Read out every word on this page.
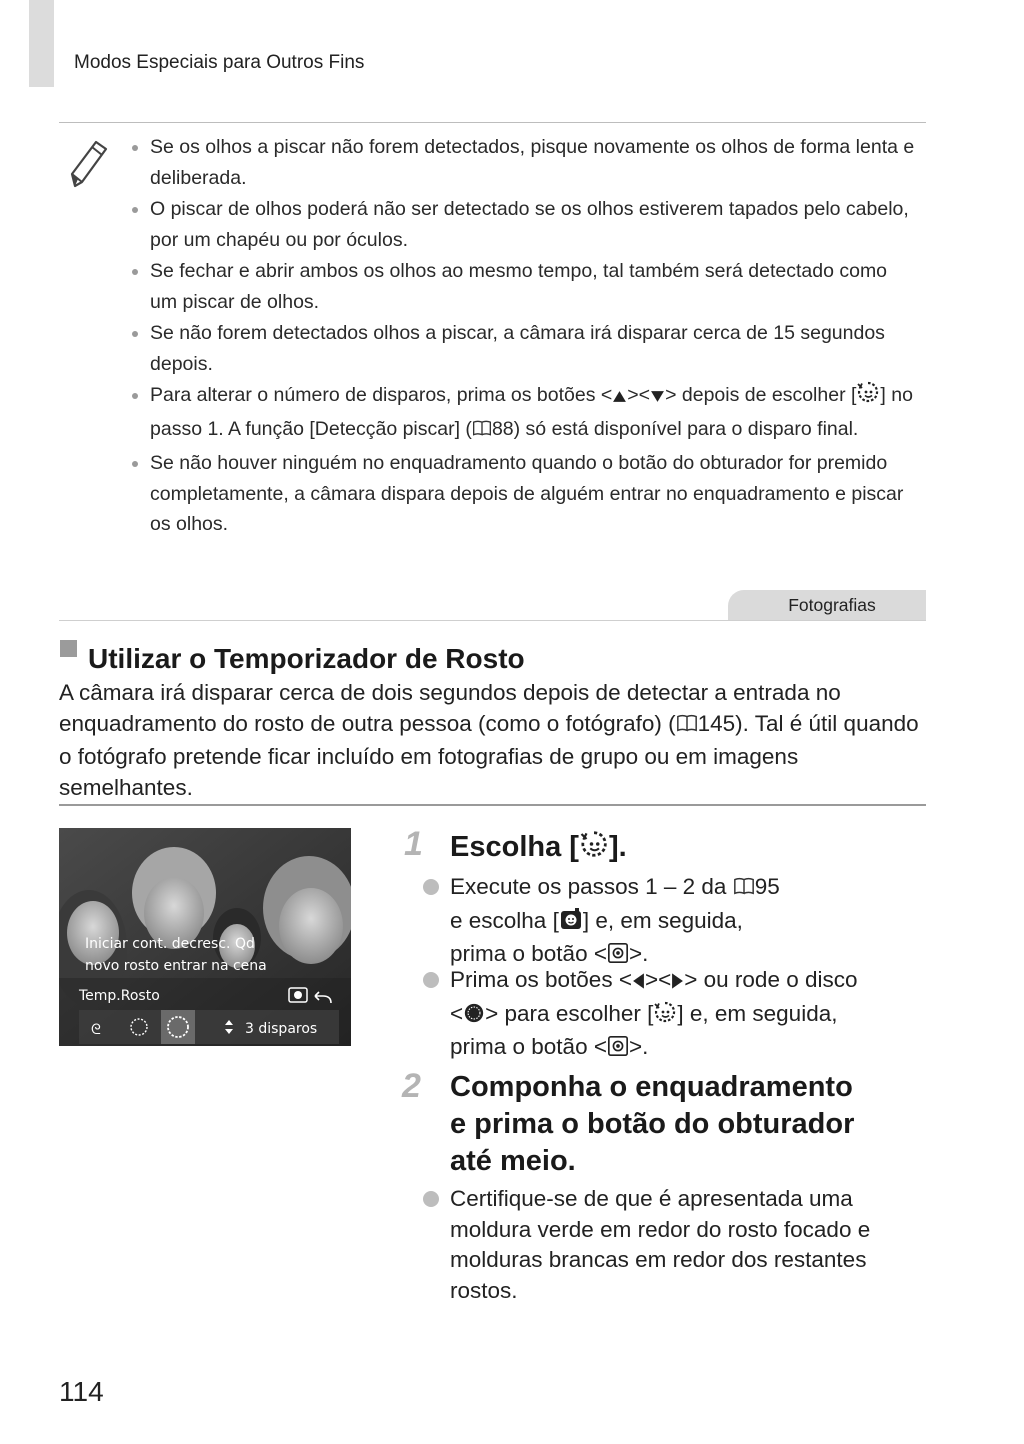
Modos Especiais para Outros Fins
Se os olhos a piscar não forem detectados, pisque novamente os olhos de forma lenta e deliberada.
O piscar de olhos poderá não ser detectado se os olhos estiverem tapados pelo cabelo, por um chapéu ou por óculos.
Se fechar e abrir ambos os olhos ao mesmo tempo, tal também será detectado como um piscar de olhos.
Se não forem detectados olhos a piscar, a câmara irá disparar cerca de 15 segundos depois.
Para alterar o número de disparos, prima os botões < >< > depois de escolher [ ] no passo 1. A função [Detecção piscar] ( 88) só está disponível para o disparo final.
Se não houver ninguém no enquadramento quando o botão do obturador for premido completamente, a câmara dispara depois de alguém entrar no enquadramento e piscar os olhos.
Fotografias
Utilizar o Temporizador de Rosto

A câmara irá disparar cerca de dois segundos depois de detectar a entrada no enquadramento do rosto de outra pessoa (como o fotógrafo) ( 145). Tal é útil quando o fotógrafo pretende ficar incluído em fotografias de grupo ou em imagens semelhantes.

Iniciar cont. decresc. Qd
novo rosto entrar na cena
Temp.Rosto
ᘓ	3 disparos
1 Escolha [ ].
Execute os passos 1 – 2 da 95
e escolha [ ] e, em seguida,
prima o botão < >.
Prima os botões < >< > ou rode o disco
< > para escolher [ ] e, em seguida,
prima o botão < >.
2 Componha o enquadramento
e prima o botão do obturador
até meio.
Certifique-se de que é apresentada uma moldura verde em redor do rosto focado e molduras brancas em redor dos restantes rostos.
114
